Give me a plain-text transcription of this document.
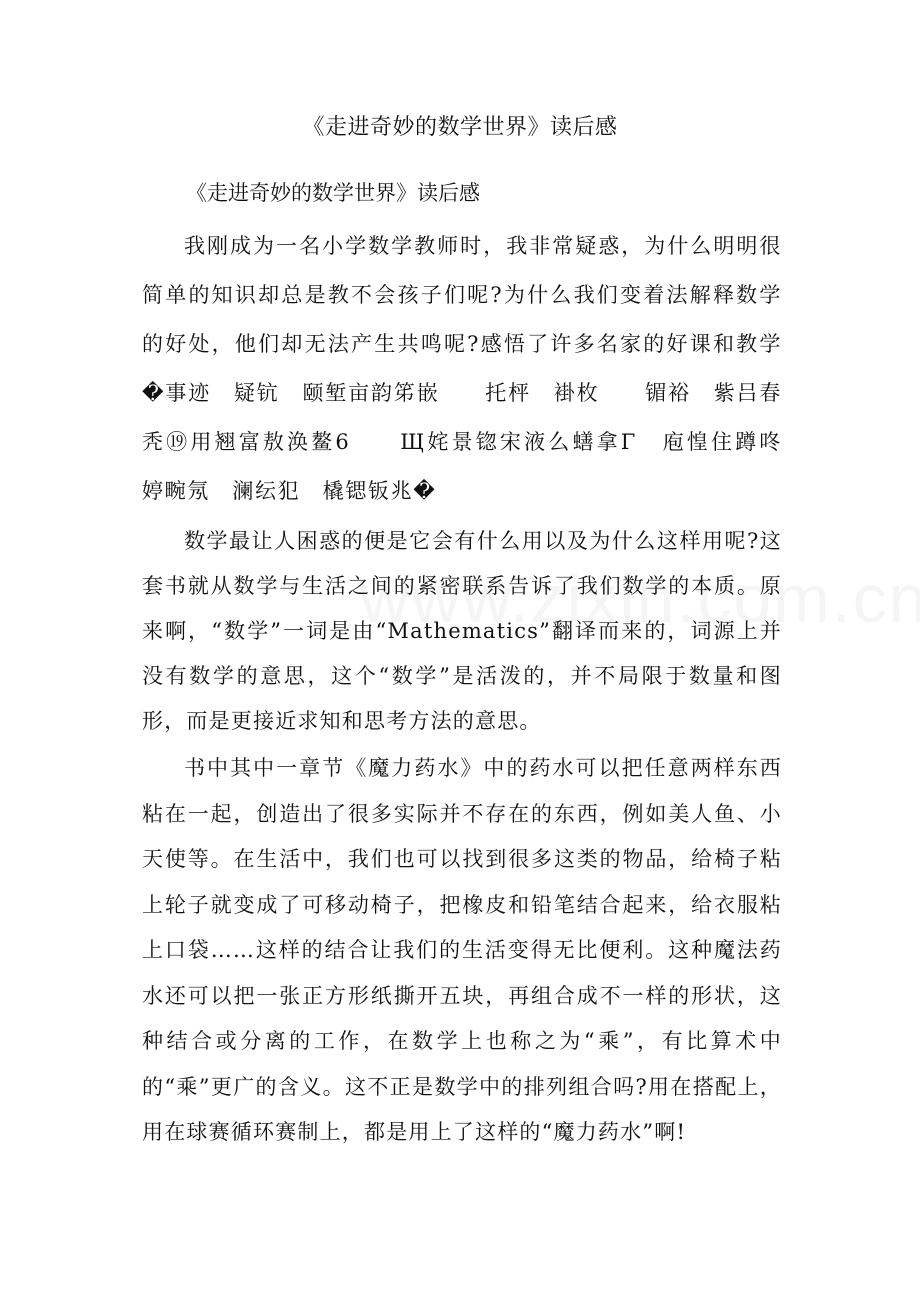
《走进奇妙的数学世界》读后感
《走进奇妙的数学世界》读后感

我刚成为一名小学数学教师时，我非常疑惑，为什么明明很简单的知识却总是教不会孩子们呢?为什么我们变着法解释数学的好处，他们却无法产生共鸣呢?感悟了许多名家的好课和教学�事迹　疑钪　颐堑亩韵笫嵌　　托枰　褂枚　　镅裕　紫吕春秃⑲用翘富敖涣鳌6　　Щ姹景锪宋液么蟮拿Γ　庖惶住蹲咚　婷畹氖　澜纭犯　橇锶钣兆�

数学最让人困惑的便是它会有什么用以及为什么这样用呢?这套书就从数学与生活之间的紧密联系告诉了我们数学的本质。原来啊，“数学”一词是由“Mathematics”翻译而来的，词源上并没有数学的意思，这个“数学”是活泼的，并不局限于数量和图形，而是更接近求知和思考方法的意思。

书中其中一章节《魔力药水》中的药水可以把任意两样东西粘在一起，创造出了很多实际并不存在的东西，例如美人鱼、小天使等。在生活中，我们也可以找到很多这类的物品，给椅子粘上轮子就变成了可移动椅子，把橡皮和铅笔结合起来，给衣服粘上口袋……这样的结合让我们的生活变得无比便利。这种魔法药水还可以把一张正方形纸撕开五块，再组合成不一样的形状，这种结合或分离的工作，在数学上也称之为“乘”，有比算术中的“乘”更广的含义。这不正是数学中的排列组合吗?用在搭配上，用在球赛循环赛制上，都是用上了这样的“魔力药水”啊!
